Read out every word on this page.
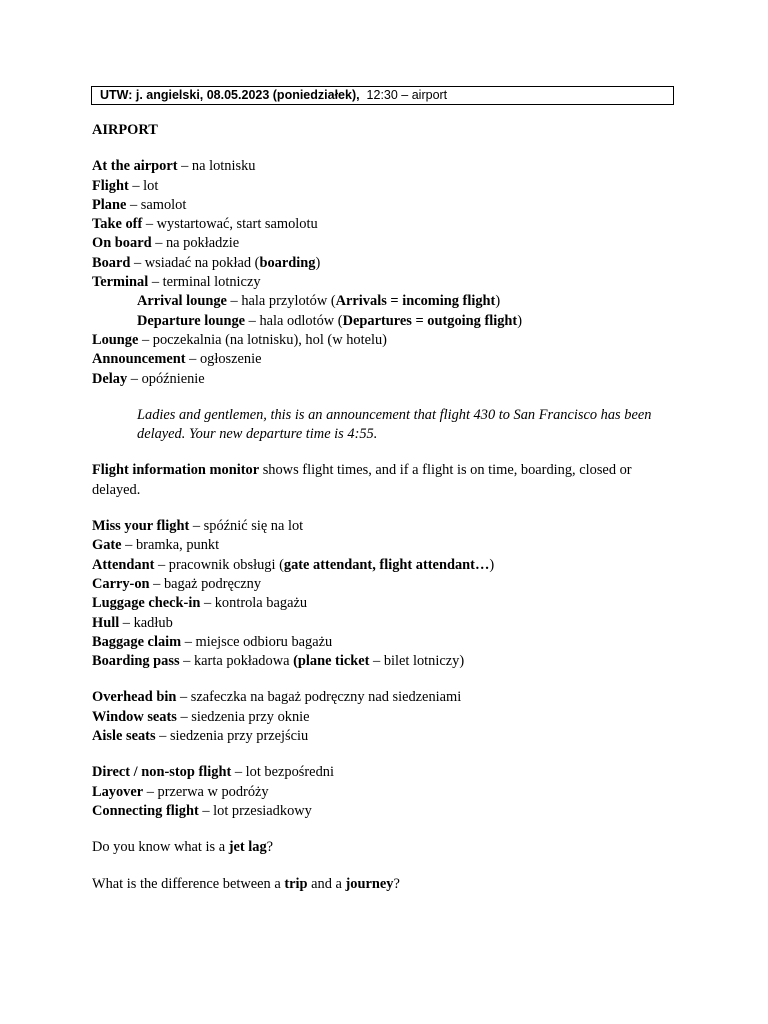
UTW: j. angielski, 08.05.2023 (poniedziałek), 12:30 – airport
AIRPORT
At the airport – na lotnisku
Flight – lot
Plane – samolot
Take off – wystartować, start samolotu
On board – na pokładzie
Board – wsiadać na pokład (boarding)
Terminal – terminal lotniczy
Arrival lounge – hala przylotów (Arrivals = incoming flight)
Departure lounge – hala odlotów (Departures = outgoing flight)
Lounge – poczekalnia (na lotnisku), hol (w hotelu)
Announcement – ogłoszenie
Delay – opóźnienie
Ladies and gentlemen, this is an announcement that flight 430 to San Francisco has been delayed. Your new departure time is 4:55.
Flight information monitor shows flight times, and if a flight is on time, boarding, closed or delayed.
Miss your flight – spóźnić się na lot
Gate – bramka, punkt
Attendant – pracownik obsługi (gate attendant, flight attendant…)
Carry-on – bagaż podręczny
Luggage check-in – kontrola bagażu
Hull – kadłub
Baggage claim – miejsce odbioru bagażu
Boarding pass – karta pokładowa (plane ticket – bilet lotniczy)
Overhead bin – szafeczka na bagaż podręczny nad siedzeniami
Window seats – siedzenia przy oknie
Aisle seats – siedzenia przy przejściu
Direct / non-stop flight – lot bezpośredni
Layover – przerwa w podróży
Connecting flight – lot przesiadkowy
Do you know what is a jet lag?
What is the difference between a trip and a journey?
